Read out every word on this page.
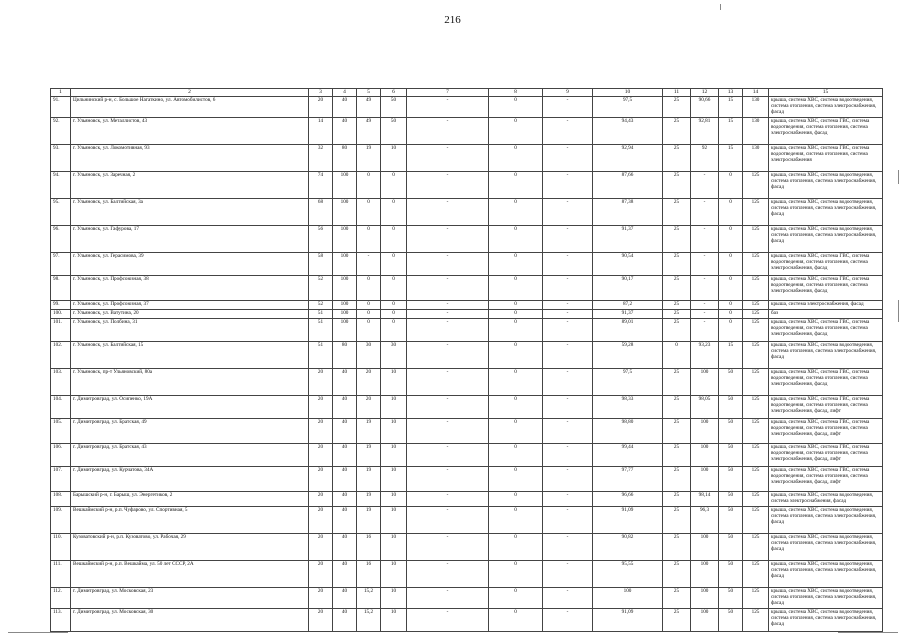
216
1	2	3	4	5	6	7	8	9	10	11	12	13	14	15
91.	Цильнинский р-н, с. Большое Нагаткино, ул. Автомобилистов, 6	20	40	49	50	-	0	-	97,5	25	90,66	15	130	крыша, система ХВС, система водоотведения, система отопления, система электроснабжения, фасад
92.	г. Ульяновск, ул. Металлистов, 43	14	40	49	50	-	0	-	94,43	25	92,81	15	130	крыша, система ХВС, система ГВС, система водоотведения, система отопления, система электроснабжения, фасад
93.	г. Ульяновск, ул. Локомотивная, 93	32	80	19	10	-	0	-	92,94	25	92	15	130	крыша, система ХВС, система ГВС, система водоотведения, система отопления, система электроснабжения
94.	г. Ульяновск, ул. Заречная, 2	74	100	0	0	-	0	-	87,66	25	-	0	125	крыша, система ХВС, система водоотведения, система отопления, система электроснабжения, фасад
95.	г. Ульяновск, ул. Балтийская, 3а	68	100	0	0	-	0	-	87,38	25	-	0	125	крыша, система ХВС, система водоотведения, система отопления, система электроснабжения, фасад
96.	г. Ульяновск, ул. Гафурова, 17	56	100	0	0	-	0	-	91,37	25	-	0	125	крыша, система ХВС, система водоотведения, система отопления, система электроснабжения, фасад
97.	г. Ульяновск, ул. Герасимова, 39	58	100	-	0	-	0	-	90,54	25	-	0	125	крыша, система ХВС, система ГВС, система водоотведения, система отопления, система электроснабжения, фасад
98.	г. Ульяновск, ул. Профсоюзная, 38	52	100	0	0	-	0	-	90,17	25	-	0	125	крыша, система ХВС, система ГВС, система водоотведения, система отопления, система электроснабжения, фасад
99.	г. Ульяновск, ул. Профсоюзная, 37	52	100	0	0	-	0	-	87,2	25	-	0	125	крыша, система электроснабжения, фасад
100.	г. Ульяновск, ул. Ватутина, 20	51	100	0	0	-	0	-	91,37	25	-	0	125	баз
101.	г. Ульяновск, ул. Полбина, 31	51	100	0	0	-	0	-	89,01	25	-	0	125	крыша, система ХВС, система ГВС, система водоотведения, система отопления, система электроснабжения, фасад
102.	г. Ульяновск, ул. Балтийская, 15	51	80	30	30	-	0	-	59,28	0	93,23	15	125	крыша, система ХВС, система водоотведения, система отопления, система электроснабжения, фасад
103.	г. Ульяновск, пр-т Ульяновский, 80а	20	40	20	10	-	0	-	97,5	25	100	50	125	крыша, система ХВС, система ГВС, система водоотведения, система отопления, система электроснабжения, фасад
104.	г. Димитровград, ул. Осипенко, 19А	20	40	20	10	-	0	-	98,33	25	98,05	50	125	крыша, система ХВС, система ГВС, система водоотведения, система отопления, система электроснабжения, фасад, лифт
105.	г. Димитровград, ул. Братская, 49	20	40	19	10	-	0	-	98,80	25	100	50	125	крыша, система ХВС, система ГВС, система водоотведения, система отопления, система электроснабжения, фасад, лифт
106.	г. Димитровград, ул. Братская, 43	20	40	19	10	-	0	-	99,44	25	100	50	125	крыша, система ХВС, система ГВС, система водоотведения, система отопления, система электроснабжения, фасад, лифт
107.	г. Димитровград, ул. Курчатова, 34А	20	40	19	10	-	0	-	97,77	25	100	50	125	крыша, система ХВС, система ГВС, система водоотведения, система отопления, система электроснабжения, фасад, лифт
108.	Барышский р-н, г. Барыш, ул. Энергетиков, 2	20	40	19	10	-	0	-	96,66	25	98,14	50	125	крыша, система ХВС, система водоотведения, система электроснабжения, фасад
109.	Вешкаймский р-н, р.п. Чуфарово, ул. Спортивная, 5	20	40	19	10	-	0	-	91,09	25	96,3	50	125	крыша, система ХВС, система водоотведения, система отопления, система электроснабжения, фасад
110.	Кузоватовский р-н, р.п. Кузоватово, ул. Рабочая, 29	20	40	16	10	-	0	-	90,82	25	100	50	125	крыша, система ХВС, система водоотведения, система отопления, система электроснабжения, фасад
111.	Вешкаймский р-н, р.п. Вешкайма, ул. 50 лет СССР, 2А	20	40	16	10	-	0	-	95,55	25	100	50	125	крыша, система ХВС, система водоотведения, система отопления, система электроснабжения, фасад
112.	г. Димитровград, ул. Московская, 23	20	40	15,2	10	-	0	-	100	25	100	50	125	крыша, система ХВС, система водоотведения, система отопления, система электроснабжения, фасад
113.	г. Димитровград, ул. Московская, 30	20	40	15,2	10	-	0	-	91,09	25	100	50	125	крыша, система ХВС, система водоотведения, система отопления, система электроснабжения, фасад
